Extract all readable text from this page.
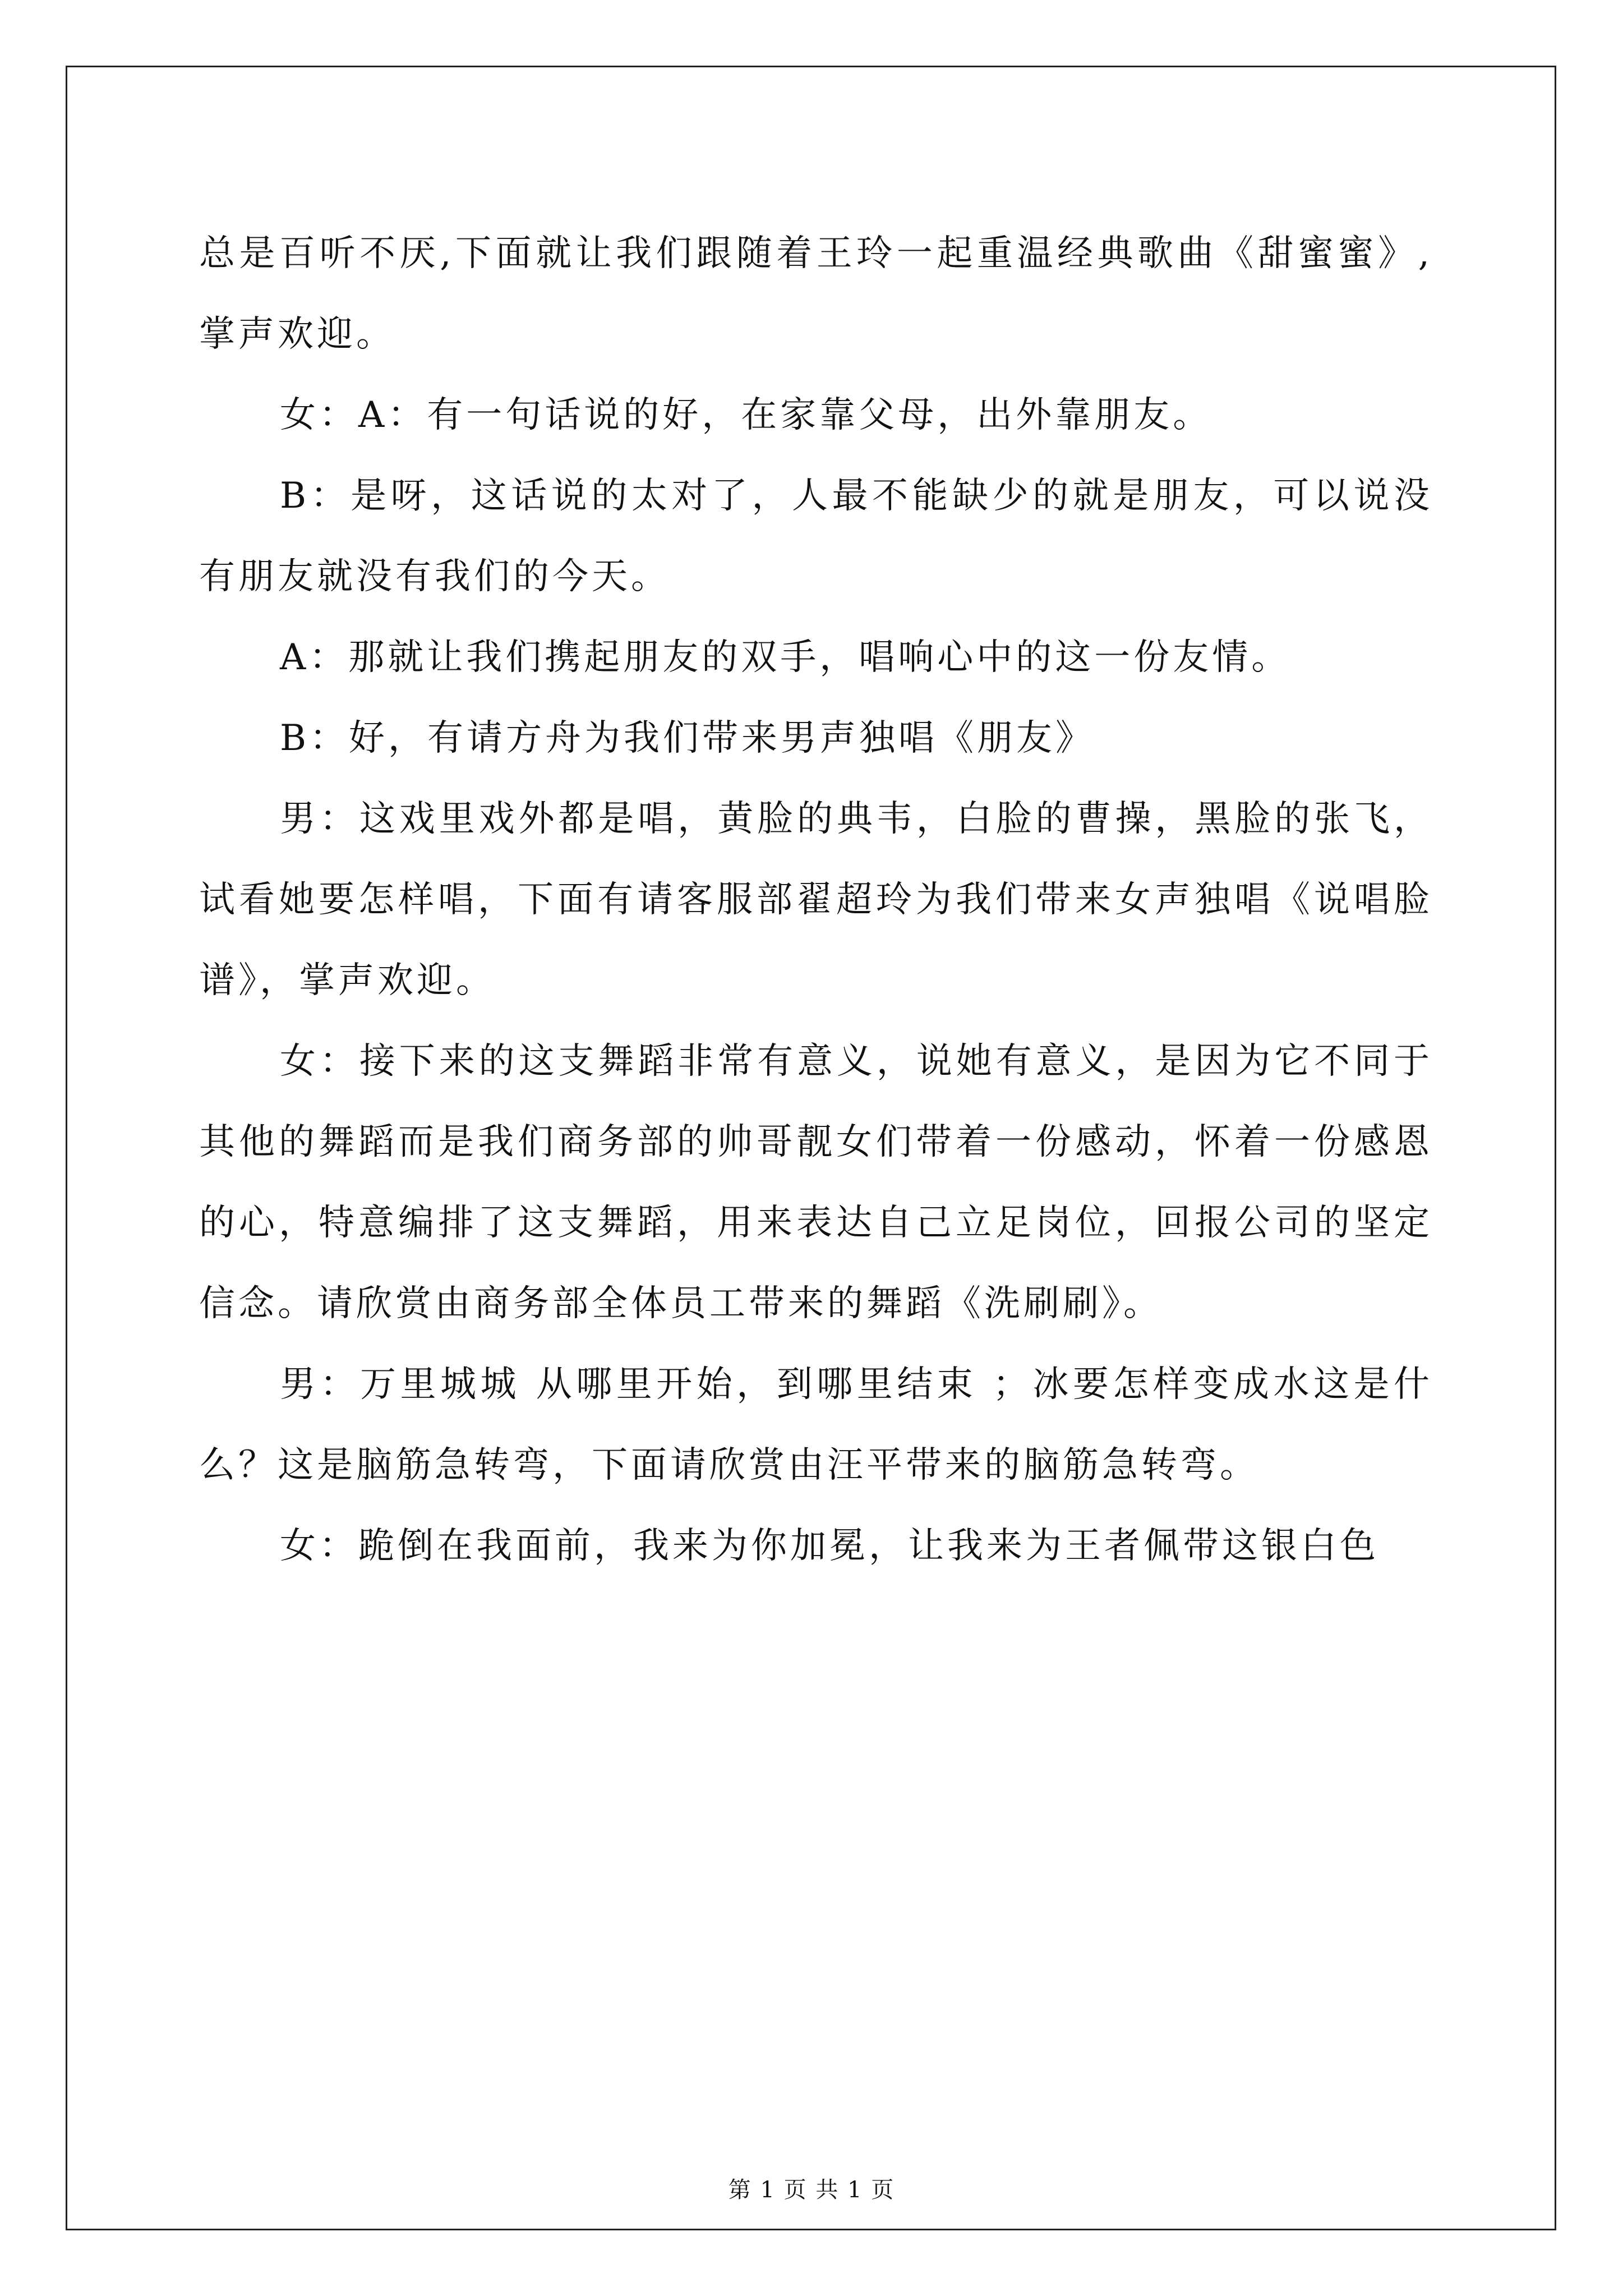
总是百听不厌,下面就让我们跟随着王玲一起重温经典歌曲《甜蜜蜜》,掌声欢迎。

女：A：有一句话说的好，在家靠父母，出外靠朋友。

B：是呀，这话说的太对了，人最不能缺少的就是朋友，可以说没有朋友就没有我们的今天。

A：那就让我们携起朋友的双手，唱响心中的这一份友情。

B：好，有请方舟为我们带来男声独唱《朋友》

男：这戏里戏外都是唱，黄脸的典韦，白脸的曹操，黑脸的张飞，试看她要怎样唱，下面有请客服部翟超玲为我们带来女声独唱《说唱脸谱》，掌声欢迎。

女：接下来的这支舞蹈非常有意义，说她有意义，是因为它不同于其他的舞蹈而是我们商务部的帅哥靓女们带着一份感动，怀着一份感恩的心，特意编排了这支舞蹈，用来表达自己立足岗位，回报公司的坚定信念。请欣赏由商务部全体员工带来的舞蹈《洗刷刷》。

男：万里城城 从哪里开始，到哪里结束 ；冰要怎样变成水这是什么？这是脑筋急转弯，下面请欣赏由汪平带来的脑筋急转弯。

女：跪倒在我面前，我来为你加冕，让我来为王者佩带这银白色

第 1 页 共 1 页
